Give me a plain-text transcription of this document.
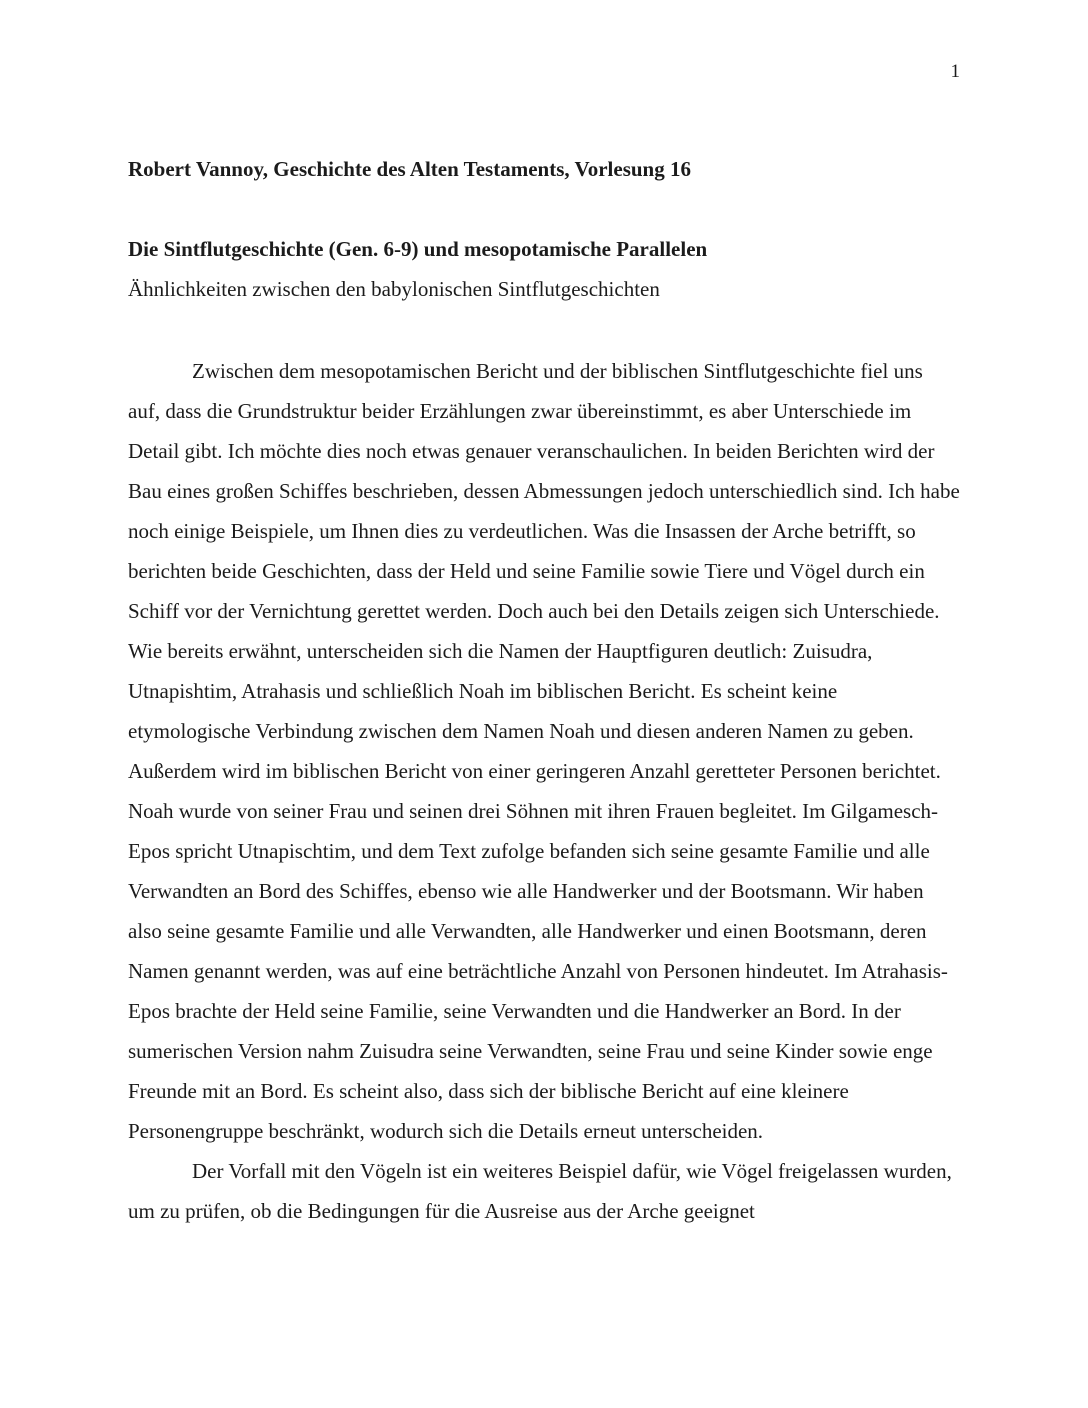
1
Robert Vannoy, Geschichte des Alten Testaments, Vorlesung 16
Die Sintflutgeschichte (Gen. 6-9) und mesopotamische Parallelen
Ähnlichkeiten zwischen den babylonischen Sintflutgeschichten

Zwischen dem mesopotamischen Bericht und der biblischen Sintflutgeschichte fiel uns auf, dass die Grundstruktur beider Erzählungen zwar übereinstimmt, es aber Unterschiede im Detail gibt. Ich möchte dies noch etwas genauer veranschaulichen. In beiden Berichten wird der Bau eines großen Schiffes beschrieben, dessen Abmessungen jedoch unterschiedlich sind. Ich habe noch einige Beispiele, um Ihnen dies zu verdeutlichen. Was die Insassen der Arche betrifft, so berichten beide Geschichten, dass der Held und seine Familie sowie Tiere und Vögel durch ein Schiff vor der Vernichtung gerettet werden. Doch auch bei den Details zeigen sich Unterschiede. Wie bereits erwähnt, unterscheiden sich die Namen der Hauptfiguren deutlich: Zuisudra, Utnapishtim, Atrahasis und schließlich Noah im biblischen Bericht. Es scheint keine etymologische Verbindung zwischen dem Namen Noah und diesen anderen Namen zu geben. Außerdem wird im biblischen Bericht von einer geringeren Anzahl geretteter Personen berichtet. Noah wurde von seiner Frau und seinen drei Söhnen mit ihren Frauen begleitet. Im Gilgamesch-Epos spricht Utnapischtim, und dem Text zufolge befanden sich seine gesamte Familie und alle Verwandten an Bord des Schiffes, ebenso wie alle Handwerker und der Bootsmann. Wir haben also seine gesamte Familie und alle Verwandten, alle Handwerker und einen Bootsmann, deren Namen genannt werden, was auf eine beträchtliche Anzahl von Personen hindeutet. Im Atrahasis-Epos brachte der Held seine Familie, seine Verwandten und die Handwerker an Bord. In der sumerischen Version nahm Zuisudra seine Verwandten, seine Frau und seine Kinder sowie enge Freunde mit an Bord. Es scheint also, dass sich der biblische Bericht auf eine kleinere Personengruppe beschränkt, wodurch sich die Details erneut unterscheiden.

Der Vorfall mit den Vögeln ist ein weiteres Beispiel dafür, wie Vögel freigelassen wurden, um zu prüfen, ob die Bedingungen für die Ausreise aus der Arche geeignet
